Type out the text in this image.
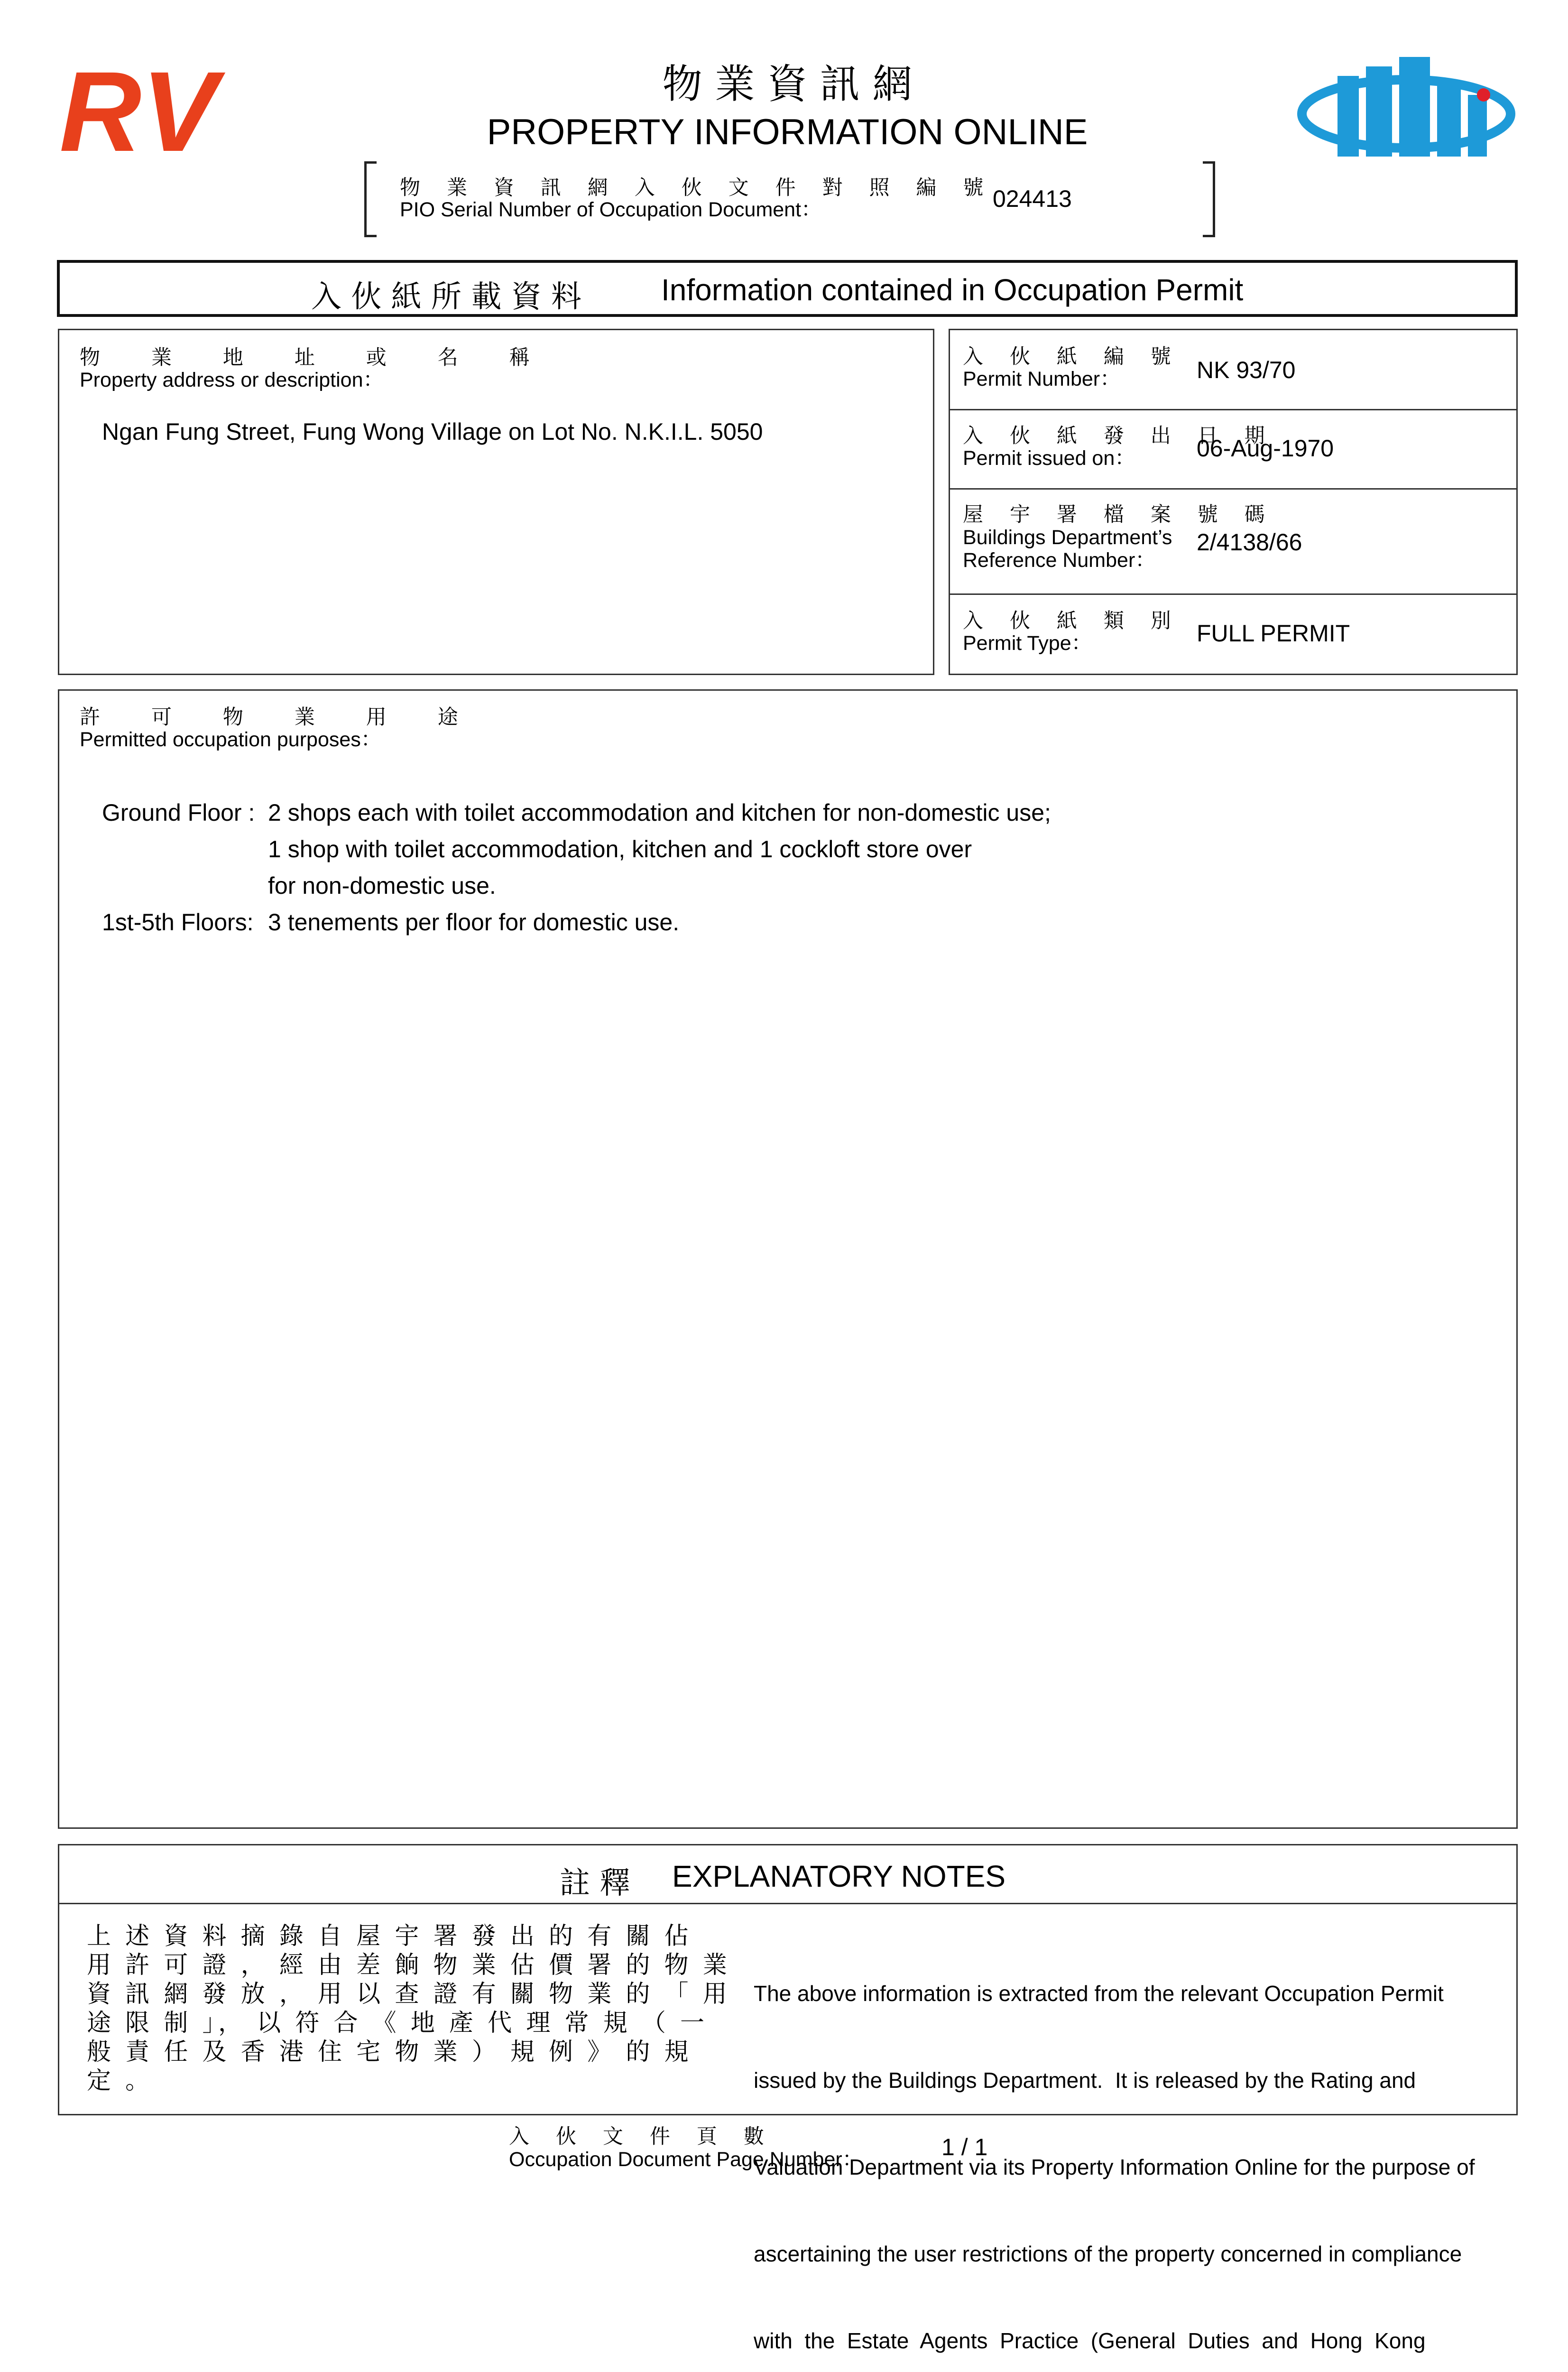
RV	物 業 資 訊 網
PROPERTY INFORMATION ONLINE
物 業 資 訊 網 入 伙 文 件 對 照 編 號
PIO Serial Number of Occupation Document：	024413
入 伙 紙 所 載 資 料	Information contained in Occupation Permit
物 業 地 址 或 名 稱
Property address or description：
Ngan Fung Street, Fung Wong Village on Lot No. N.K.I.L. 5050
入 伙 紙 編 號
Permit Number：	NK 93/70
入 伙 紙 發 出 日 期
Permit issued on：	06-Aug-1970
屋 宇 署 檔 案 號 碼
Buildings Department’s
Reference Number：
2/4138/66
入 伙 紙 類 別
Permit Type：	FULL PERMIT
許 可 物 業 用 途
Permitted occupation purposes：
Ground Floor : 2 shops each with toilet accommodation and kitchen for non-domestic use;
1 shop with toilet accommodation, kitchen and 1 cockloft store over
for non-domestic use.
1st-5th Floors: 3 tenements per floor for domestic use.
註 釋 EXPLANATORY NOTES
上 述 資 料 摘 錄 自 屋 宇 署 發 出 的 有 關 佔
用 許 可 證 ， 經 由 差 餉 物 業 估 價 署 的 物 業
資 訊 網 發 放 ， 用 以 查 證 有 關 物 業 的 「 用
途 限 制 」， 以 符 合 《 地 產 代 理 常 規 （ 一
般 責 任 及 香 港 住 宅 物 業 ） 規 例 》 的 規
定 。

The above information is extracted from the relevant Occupation Permit

issued by the Buildings Department.  It is released by the Rating and

Valuation Department via its Property Information Online for the purpose of

ascertaining the user restrictions of the property concerned in compliance

with  the  Estate  Agents  Practice  (General  Duties  and  Hong  Kong

入 伙 文 件 頁 數
Occupation Document Page Number：	1 / 1
